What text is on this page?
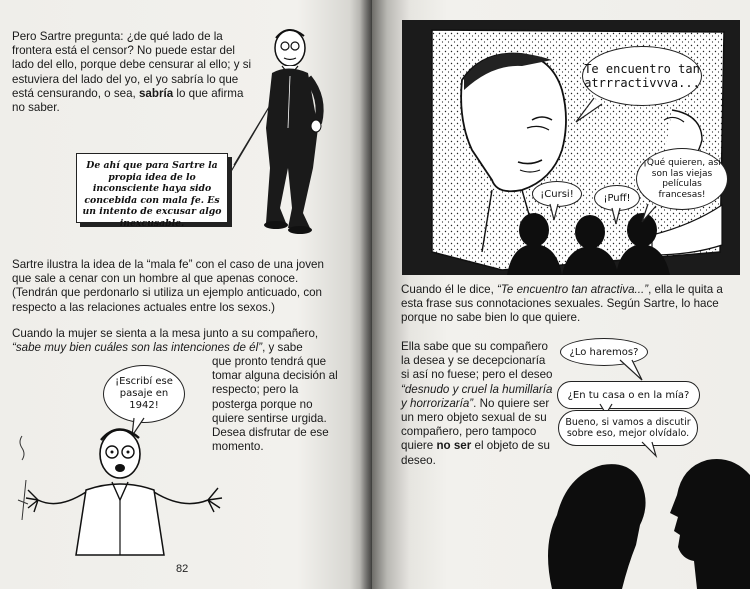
Pero Sartre pregunta: ¿de qué lado de la frontera está el censor? No puede estar del lado del ello, porque debe censurar al ello; y si estuviera del lado del yo, el yo sabría lo que está censurando, o sea, sabría lo que afirma no saber.

De ahí que para Sartre la propia idea de lo inconsciente haya sido concebida con mala fe. Es un intento de excusar algo inexcusable.

Sartre ilustra la idea de la “mala fe” con el caso de una joven que sale a cenar con un hombre al que apenas conoce. (Tendrán que perdonarlo si utiliza un ejemplo anticuado, con respecto a las relaciones actuales entre los sexos.)

Cuando la mujer se sienta a la mesa junto a su compañero,
“sabe muy bien cuáles son las intenciones de él”, y sabe

que pronto tendrá que tomar alguna decisión al respecto; pero la posterga porque no quiere sentirse urgida. Desea disfrutar de ese momento.

¡Escribí ese pasaje en 1942!
82
Te encuentro tan atrrractivvva...
¡Qué quieren, así son las viejas películas francesas!
¡Cursi!	¡Puff!

Cuando él le dice, “Te encuentro tan atractiva...”, ella le quita a esta frase sus connotaciones sexuales. Según Sartre, lo hace porque no sabe bien lo que quiere.

Ella sabe que su compañero la desea y se decepcionaría si así no fuese; pero el deseo “desnudo y cruel la humillaría y horrorizaría”. No quiere ser un mero objeto sexual de su compañero, pero tampoco quiere no ser el objeto de su deseo.

¿Lo haremos?
¿En tu casa o en la mía?
Bueno, si vamos a discutir sobre eso, mejor olvídalo.
